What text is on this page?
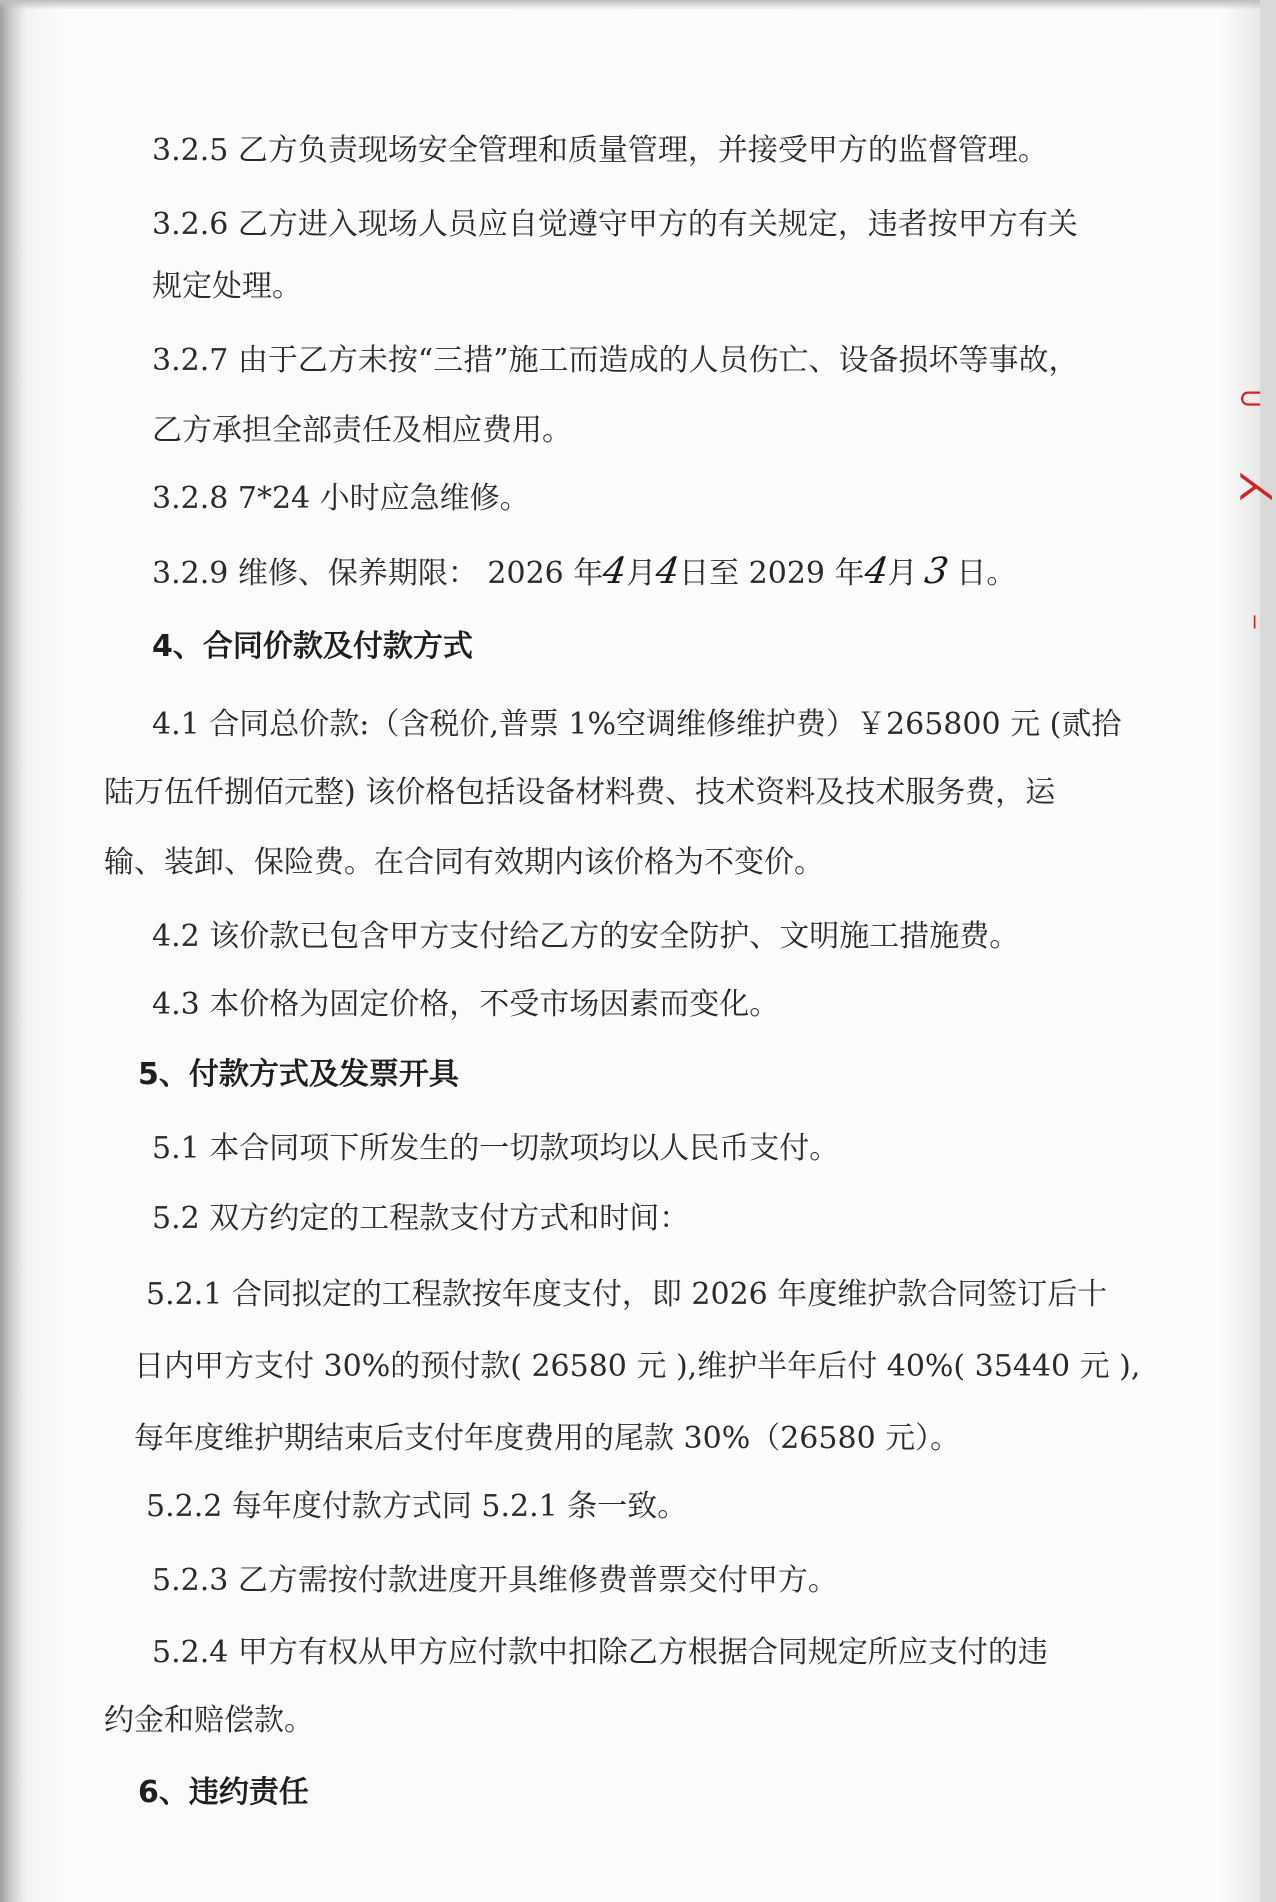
3.2.5 乙方负责现场安全管理和质量管理，并接受甲方的监督管理。
3.2.6 乙方进入现场人员应自觉遵守甲方的有关规定，违者按甲方有关
规定处理。
3.2.7 由于乙方未按“三措”施工而造成的人员伤亡、设备损坏等事故，
乙方承担全部责任及相应费用。
3.2.8 7*24 小时应急维修。
3.2.9 维修、保养期限： 2026 年4月4日至 2029 年4月 3 日。
4、合同价款及付款方式
4.1 合同总价款:（含税价,普票 1%空调维修维护费）￥265800 元 (贰拾
陆万伍仟捌佰元整) 该价格包括设备材料费、技术资料及技术服务费，运
输、装卸、保险费。在合同有效期内该价格为不变价。
4.2 该价款已包含甲方支付给乙方的安全防护、文明施工措施费。
4.3 本价格为固定价格，不受市场因素而变化。
5、付款方式及发票开具
5.1 本合同项下所发生的一切款项均以人民币支付。
5.2 双方约定的工程款支付方式和时间：
5.2.1 合同拟定的工程款按年度支付，即 2026 年度维护款合同签订后十
日内甲方支付 30%的预付款( 26580 元 ),维护半年后付 40%( 35440 元 ),
每年度维护期结束后支付年度费用的尾款 30%（26580 元）。
5.2.2 每年度付款方式同 5.2.1 条一致。
5.2.3 乙方需按付款进度开具维修费普票交付甲方。
5.2.4 甲方有权从甲方应付款中扣除乙方根据合同规定所应支付的违
约金和赔偿款。
6、违约责任
⊂
⋋
╷
